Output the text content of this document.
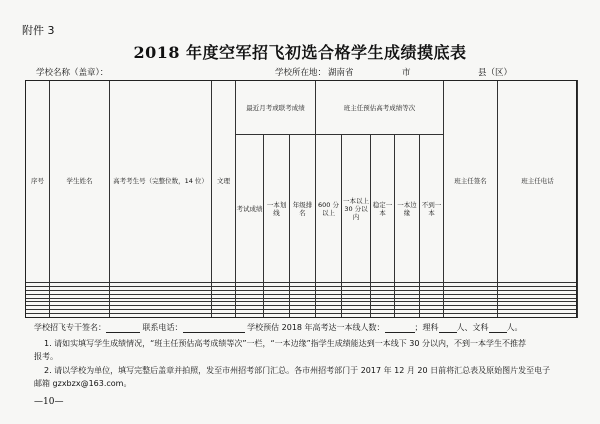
附件 3
2018 年度空军招飞初选合格学生成绩摸底表
学校名称（盖章）：	学校所在地： 湖南省	市	县（区）
序号	学生姓名	高考考生号（完整位数，14 位）	文理	最近月考或联考成绩			班主任预估高考成绩等次					班主任签名	班主任电话
				考试成绩	一本划线	年级排名	600 分以上	一本以上 30 分以内	稳定一本	一本边缘	不到一本		

学校招飞专干签名：	联系电话：	学校预估 2018 年高考达一本线人数：	；理科 人、文科 人。
1. 请如实填写学生成绩情况，“班主任预估高考成绩等次”一栏，“一本边缘”指学生成绩能达到一本线下 30 分以内，不到一本学生不推荐
报考。
2. 请以学校为单位，填写完整后盖章并拍照，发至市州招考部门汇总。各市州招考部门于 2017 年 12 月 20 日前将汇总表及原始图片发至电子
邮箱 gzxbzx@163.com。
—10—
